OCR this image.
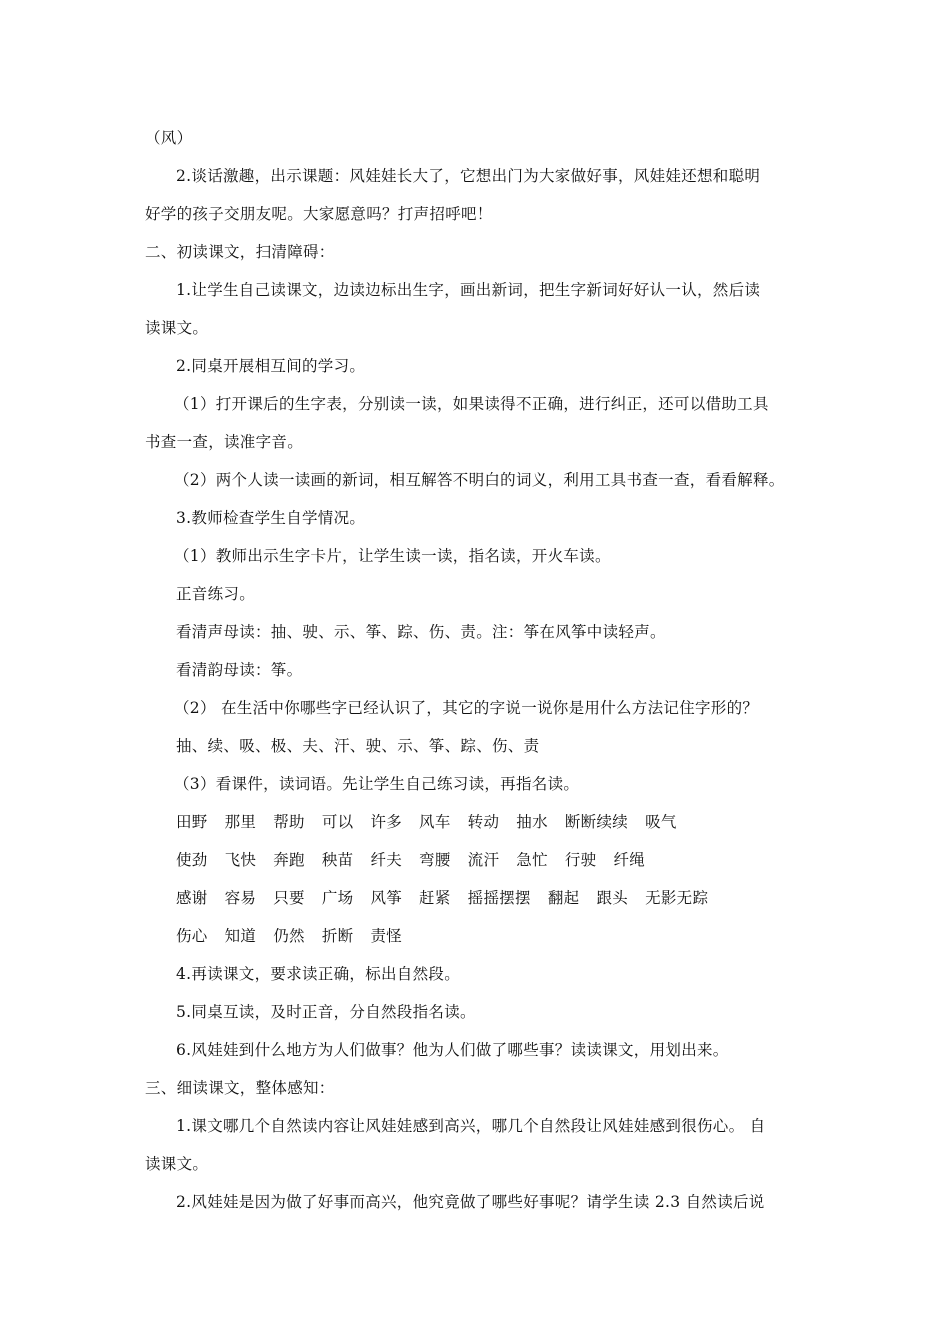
（风）
2.谈话激趣，出示课题：风娃娃长大了，它想出门为大家做好事，风娃娃还想和聪明
好学的孩子交朋友呢。大家愿意吗？打声招呼吧！
二、初读课文，扫清障碍：
1.让学生自己读课文，边读边标出生字，画出新词，把生字新词好好认一认，然后读
读课文。
2.同桌开展相互间的学习。
（1）打开课后的生字表，分别读一读，如果读得不正确，进行纠正，还可以借助工具
书查一查，读准字音。
（2）两个人读一读画的新词，相互解答不明白的词义，利用工具书查一查，看看解释。
3.教师检查学生自学情况。
（1）教师出示生字卡片，让学生读一读，指名读，开火车读。
正音练习。
看清声母读：抽、驶、示、筝、踪、伤、责。注：筝在风筝中读轻声。
看清韵母读：筝。
（2） 在生活中你哪些字已经认识了，其它的字说一说你是用什么方法记住字形的？
抽、续、吸、极、夫、汗、驶、示、筝、踪、伤、责
（3）看课件，读词语。先让学生自己练习读，再指名读。
田野 那里 帮助 可以 许多 风车 转动 抽水 断断续续 吸气
使劲 飞快 奔跑 秧苗 纤夫 弯腰 流汗 急忙 行驶 纤绳
感谢 容易 只要 广场 风筝 赶紧 摇摇摆摆 翻起 跟头 无影无踪
伤心 知道 仍然 折断 责怪
4.再读课文，要求读正确，标出自然段。
5.同桌互读，及时正音，分自然段指名读。
6.风娃娃到什么地方为人们做事？他为人们做了哪些事？读读课文，用划出来。
三、细读课文，整体感知：
1.课文哪几个自然读内容让风娃娃感到高兴，哪几个自然段让风娃娃感到很伤心。 自
读课文。
2.风娃娃是因为做了好事而高兴，他究竟做了哪些好事呢？请学生读 2.3 自然读后说
